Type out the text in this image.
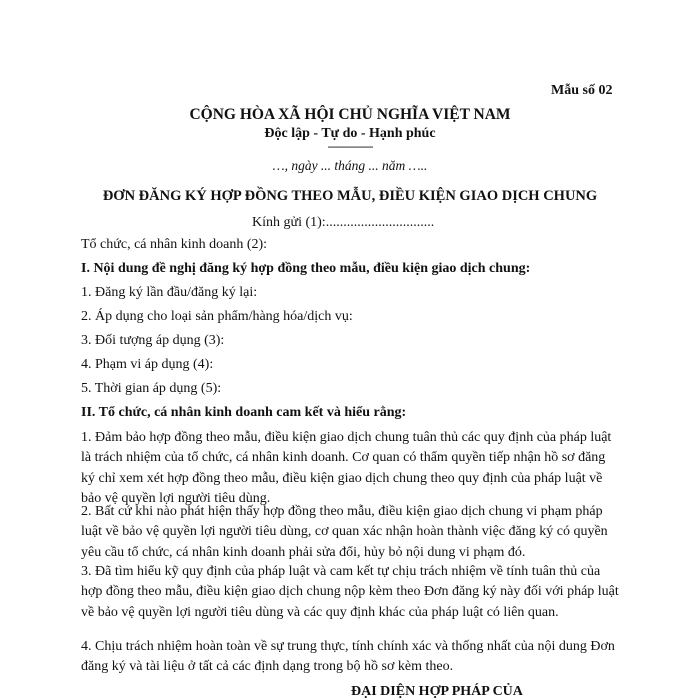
Mẫu số 02
CỘNG HÒA XÃ HỘI CHỦ NGHĨA VIỆT NAM
Độc lập - Tự do - Hạnh phúc
---------------
…, ngày ... tháng ... năm …..
ĐƠN ĐĂNG KÝ HỢP ĐỒNG THEO MẪU, ĐIỀU KIỆN GIAO DỊCH CHUNG
Kính gửi (1):...............................
Tổ chức, cá nhân kinh doanh (2):
I. Nội dung đề nghị đăng ký hợp đồng theo mẫu, điều kiện giao dịch chung:
1. Đăng ký lần đầu/đăng ký lại:
2. Áp dụng cho loại sản phẩm/hàng hóa/dịch vụ:
3. Đối tượng áp dụng (3):
4. Phạm vi áp dụng (4):
5. Thời gian áp dụng (5):
II. Tổ chức, cá nhân kinh doanh cam kết và hiểu rằng:
1. Đảm bảo hợp đồng theo mẫu, điều kiện giao dịch chung tuân thủ các quy định của pháp luật là trách nhiệm của tổ chức, cá nhân kinh doanh. Cơ quan có thẩm quyền tiếp nhận hồ sơ đăng ký chỉ xem xét hợp đồng theo mẫu, điều kiện giao dịch chung theo quy định của pháp luật về bảo vệ quyền lợi người tiêu dùng.
2. Bất cứ khi nào phát hiện thấy hợp đồng theo mẫu, điều kiện giao dịch chung vi phạm pháp luật về bảo vệ quyền lợi người tiêu dùng, cơ quan xác nhận hoàn thành việc đăng ký có quyền yêu cầu tổ chức, cá nhân kinh doanh phải sửa đổi, hủy bỏ nội dung vi phạm đó.
3. Đã tìm hiểu kỹ quy định của pháp luật và cam kết tự chịu trách nhiệm về tính tuân thủ của hợp đồng theo mẫu, điều kiện giao dịch chung nộp kèm theo Đơn đăng ký này đối với pháp luật về bảo vệ quyền lợi người tiêu dùng và các quy định khác của pháp luật có liên quan.
4. Chịu trách nhiệm hoàn toàn về sự trung thực, tính chính xác và thống nhất của nội dung Đơn đăng ký và tài liệu ở tất cả các định dạng trong bộ hồ sơ kèm theo.
ĐẠI DIỆN HỢP PHÁP CỦA
